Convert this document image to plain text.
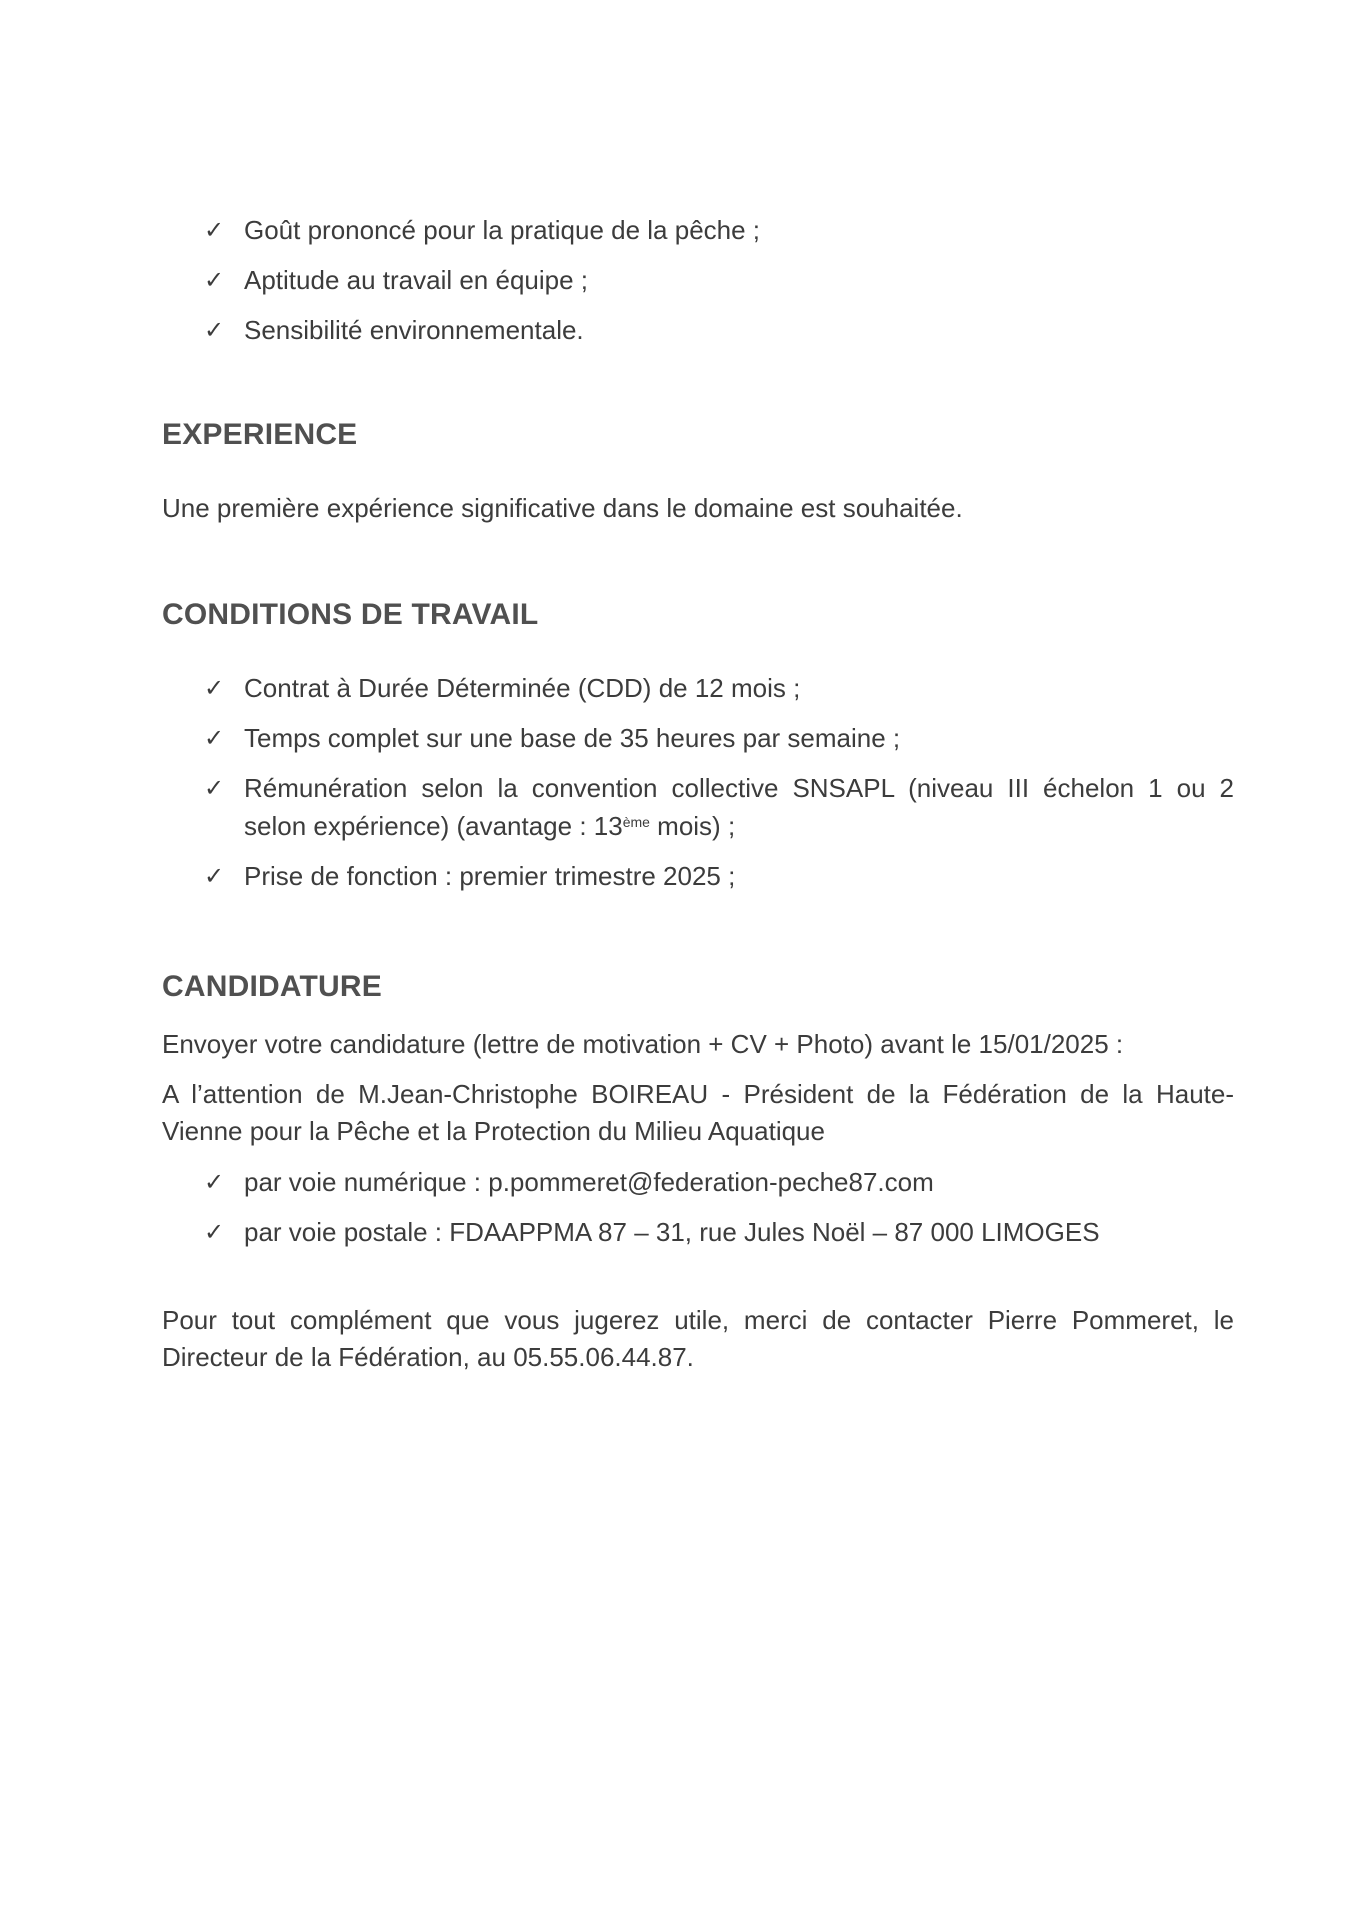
✓ Goût prononcé pour la pratique de la pêche ;
✓ Aptitude au travail en équipe ;
✓ Sensibilité environnementale.
EXPERIENCE
Une première expérience significative dans le domaine est souhaitée.
CONDITIONS DE TRAVAIL
✓ Contrat à Durée Déterminée (CDD) de 12 mois ;
✓ Temps complet sur une base de 35 heures par semaine ;
✓ Rémunération selon la convention collective SNSAPL (niveau III échelon 1 ou 2
selon expérience) (avantage : 13ème mois) ;
✓ Prise de fonction : premier trimestre 2025 ;
CANDIDATURE
Envoyer votre candidature (lettre de motivation + CV + Photo) avant le 15/01/2025 :
A l’attention de M.Jean-Christophe BOIREAU - Président de la Fédération de la Haute-Vienne pour la Pêche et la Protection du Milieu Aquatique
✓ par voie numérique : p.pommeret@federation-peche87.com
✓ par voie postale : FDAAPPMA 87 – 31, rue Jules Noël – 87 000 LIMOGES
Pour tout complément que vous jugerez utile, merci de contacter Pierre Pommeret, le Directeur de la Fédération, au 05.55.06.44.87.
